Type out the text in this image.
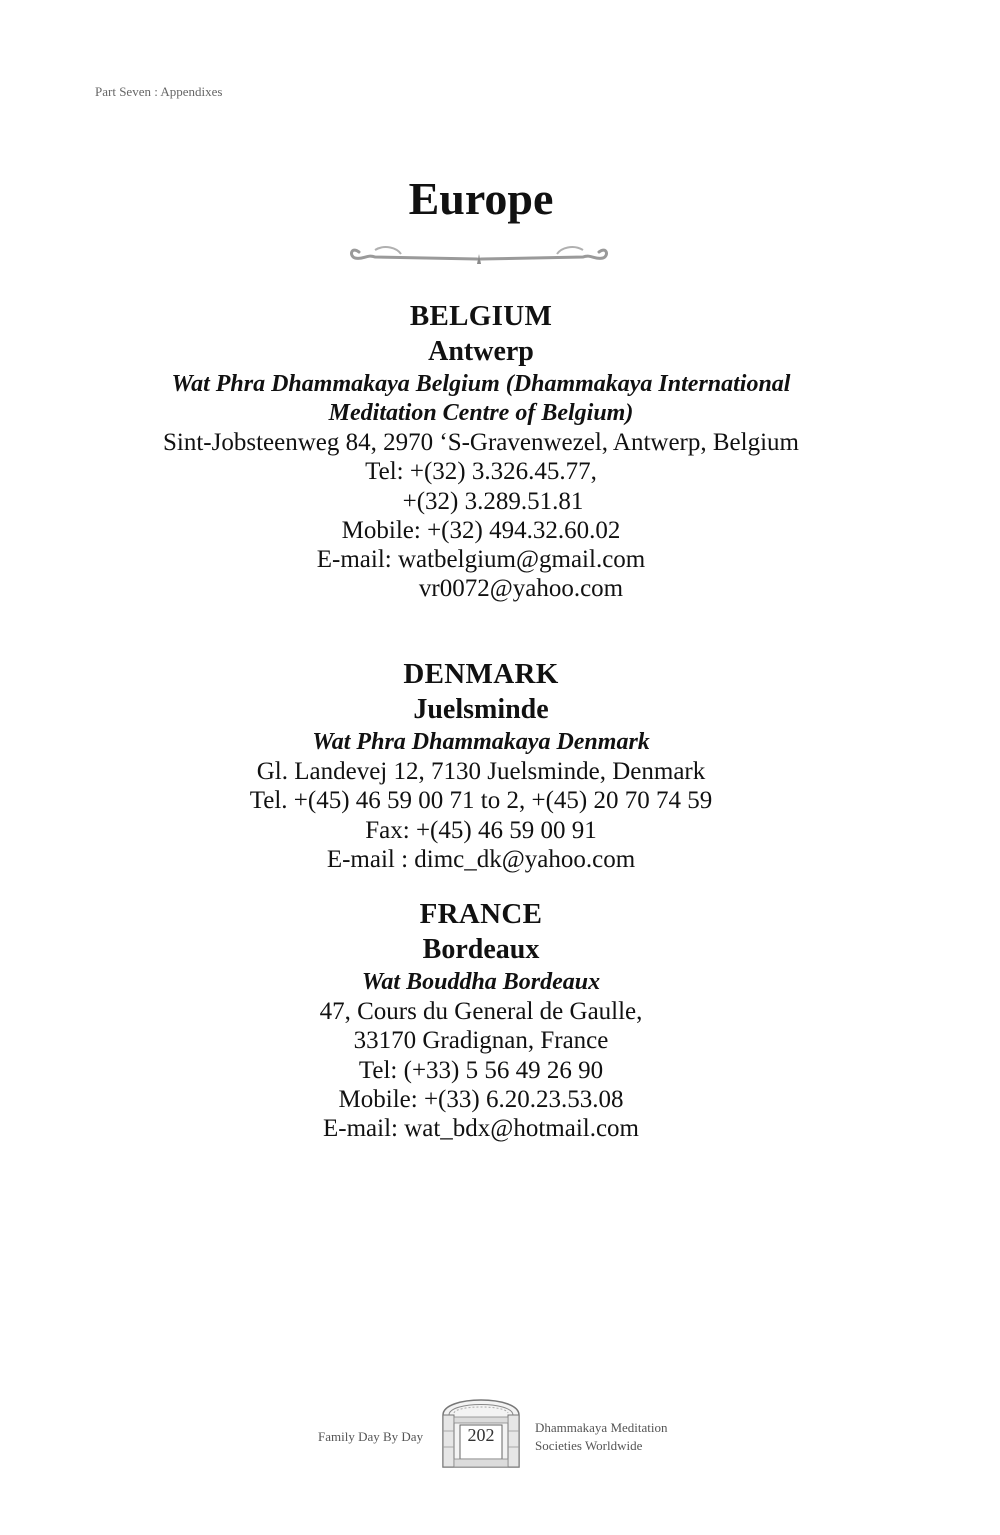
Part Seven : Appendixes
Europe
BELGIUM
Antwerp
Wat Phra Dhammakaya Belgium (Dhammakaya International
Meditation Centre of Belgium)
Sint-Jobsteenweg 84, 2970 ‘S-Gravenwezel, Antwerp, Belgium
Tel: +(32) 3.326.45.77,
+(32) 3.289.51.81
Mobile: +(32) 494.32.60.02
E-mail: watbelgium@gmail.com
vr0072@yahoo.com
DENMARK
Juelsminde
Wat Phra Dhammakaya Denmark
Gl. Landevej 12, 7130 Juelsminde, Denmark
Tel. +(45) 46 59 00 71 to 2, +(45) 20 70 74 59
Fax: +(45) 46 59 00 91
E-mail : dimc_dk@yahoo.com
FRANCE
Bordeaux
Wat Bouddha Bordeaux
47, Cours du General de Gaulle,
33170 Gradignan, France
Tel: (+33) 5 56 49 26 90
Mobile: +(33) 6.20.23.53.08
E-mail: wat_bdx@hotmail.com
Family Day By Day	202	Dhammakaya Meditation
Societies Worldwide
